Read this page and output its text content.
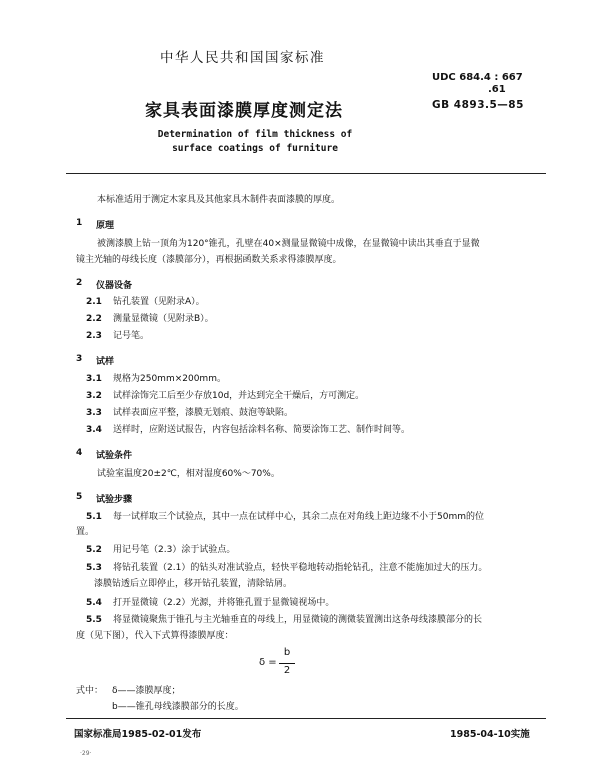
中华人民共和国国家标准
UDC 684.4 : 667
.61
家具表面漆膜厚度测定法	GB 4893.5—85
Determination of film thickness of
surface coatings of furniture
本标准适用于测定木家具及其他家具木制件表面漆膜的厚度。
1 原理
被测漆膜上钻一顶角为120°锥孔，孔壁在40×测量显微镜中成像，在显微镜中读出其垂直于显微
镜主光轴的母线长度（漆膜部分），再根据函数关系求得漆膜厚度。
2 仪器设备
2.1 钻孔装置（见附录A）。
2.2 测量显微镜（见附录B）。
2.3 记号笔。
3 试样
3.1 规格为250mm×200mm。
3.2 试样涂饰完工后至少存放10d，并达到完全干燥后，方可测定。
3.3 试样表面应平整，漆膜无划痕、鼓泡等缺陷。
3.4 送样时，应附送试报告，内容包括涂料名称、简要涂饰工艺、制作时间等。
4 试验条件
试验室温度20±2℃，相对湿度60%～70%。
5 试验步骤
5.1 每一试样取三个试验点，其中一点在试样中心，其余二点在对角线上距边缘不小于50mm的位
置。
5.2 用记号笔（2.3）涂于试验点。
5.3 将钻孔装置（2.1）的钻头对准试验点，轻快平稳地转动指轮钻孔，注意不能施加过大的压力。
漆膜钻透后立即停止，移开钻孔装置，清除钻屑。
5.4 打开显微镜（2.2）光源，并将锥孔置于显微镜视场中。
5.5 将显微镜聚焦于锥孔与主光轴垂直的母线上，用显微镜的测微装置测出这条母线漆膜部分的长
度（见下图），代入下式算得漆膜厚度：
δ =
b
2
式中： δ——漆膜厚度；
b——锥孔母线漆膜部分的长度。
国家标准局1985-02-01发布	1985-04-10实施
·29·
